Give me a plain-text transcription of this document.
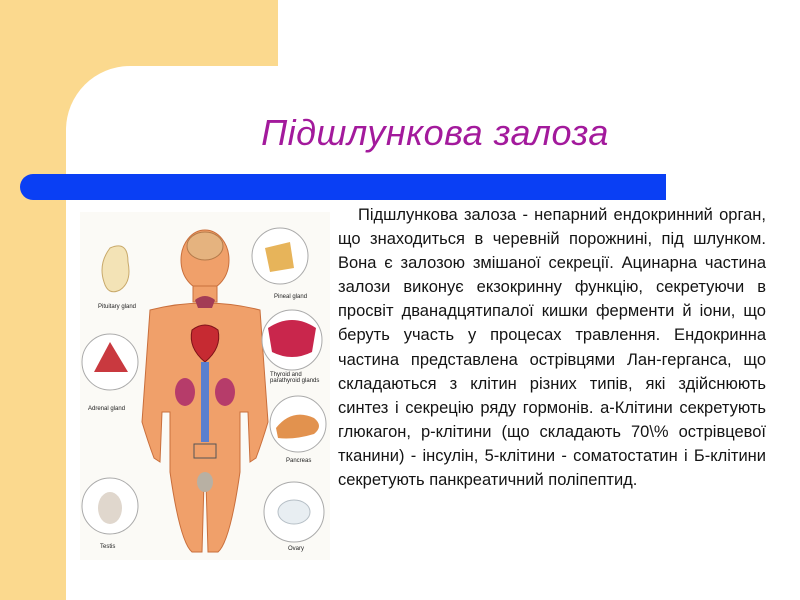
Підшлункова залоза
Pituitary gland
Pineal gland
Thyroid and parathyroid glands
Adrenal gland
Pancreas
Testis	Ovary
Підшлункова залоза - непарний ендокринний орган, що знаходиться в черевній порожнині, під шлунком. Вона є залозою змішаної секреції. Ацинарна частина залози виконує екзокринну функцію, секретуючи в просвіт дванадцятипалої кишки ферменти й іони, що беруть участь у процесах травлення. Ендокринна частина представлена острівцями Лан-герганса, що складаються з клітин різних типів, які здійснюють синтез і секрецію ряду гормонів. а-Клітини секретують глюкагон, р-клітини (що складають 70\% острівцевої тканини) - інсулін, 5-клітини - соматостатин і Б-клітини секретують панкреатичний поліпептид.
